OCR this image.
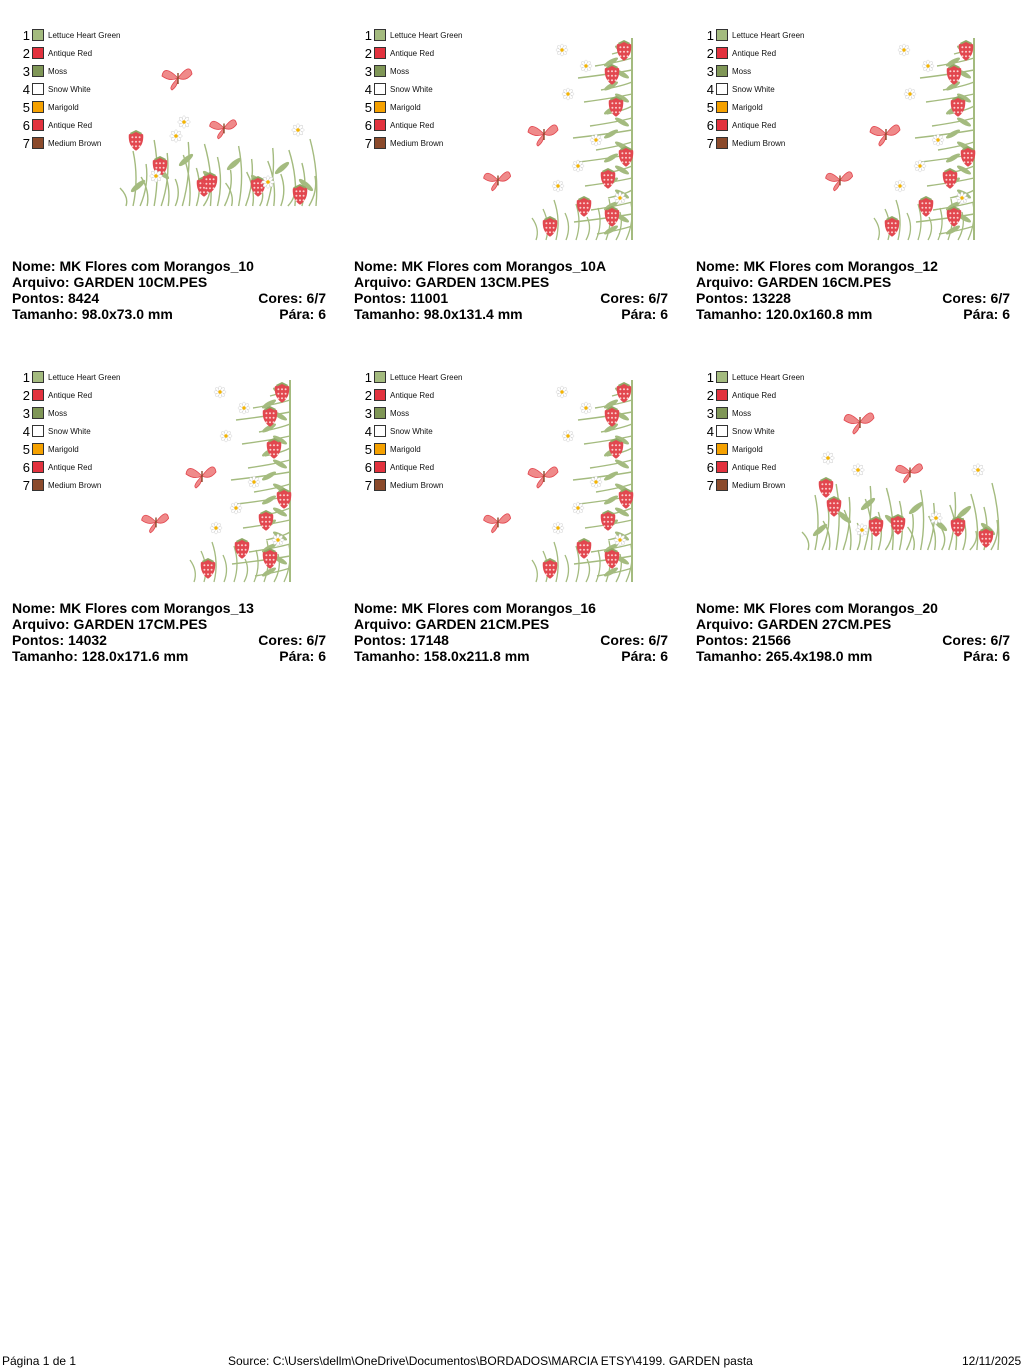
1 Lettuce Heart Green
2 Antique Red
3 Moss
4 Snow White
5 Marigold
6 Antique Red
7 Medium Brown
Nome: MK Flores com Morangos_10
Arquivo: GARDEN 10CM.PES
Pontos: 8424	Cores: 6/7
Tamanho: 98.0x73.0 mm	Pára: 6
1 Lettuce Heart Green
2 Antique Red
3 Moss
4 Snow White
5 Marigold
6 Antique Red
7 Medium Brown
Nome: MK Flores com Morangos_10A
Arquivo: GARDEN 13CM.PES
Pontos: 11001	Cores: 6/7
Tamanho: 98.0x131.4 mm	Pára: 6
1 Lettuce Heart Green
2 Antique Red
3 Moss
4 Snow White
5 Marigold
6 Antique Red
7 Medium Brown
Nome: MK Flores com Morangos_12
Arquivo: GARDEN 16CM.PES
Pontos: 13228	Cores: 6/7
Tamanho: 120.0x160.8 mm	Pára: 6
1 Lettuce Heart Green
2 Antique Red
3 Moss
4 Snow White
5 Marigold
6 Antique Red
7 Medium Brown
Nome: MK Flores com Morangos_13
Arquivo: GARDEN 17CM.PES
Pontos: 14032	Cores: 6/7
Tamanho: 128.0x171.6 mm	Pára: 6
1 Lettuce Heart Green
2 Antique Red
3 Moss
4 Snow White
5 Marigold
6 Antique Red
7 Medium Brown
Nome: MK Flores com Morangos_16
Arquivo: GARDEN 21CM.PES
Pontos: 17148	Cores: 6/7
Tamanho: 158.0x211.8 mm	Pára: 6
1 Lettuce Heart Green
2 Antique Red
3 Moss
4 Snow White
5 Marigold
6 Antique Red
7 Medium Brown
Nome: MK Flores com Morangos_20
Arquivo: GARDEN 27CM.PES
Pontos: 21566	Cores: 6/7
Tamanho: 265.4x198.0 mm	Pára: 6
Página 1 de 1	Source: C:\Users\dellm\OneDrive\Documentos\BORDADOS\MARCIA ETSY\4199. GARDEN pasta	12/11/2025
